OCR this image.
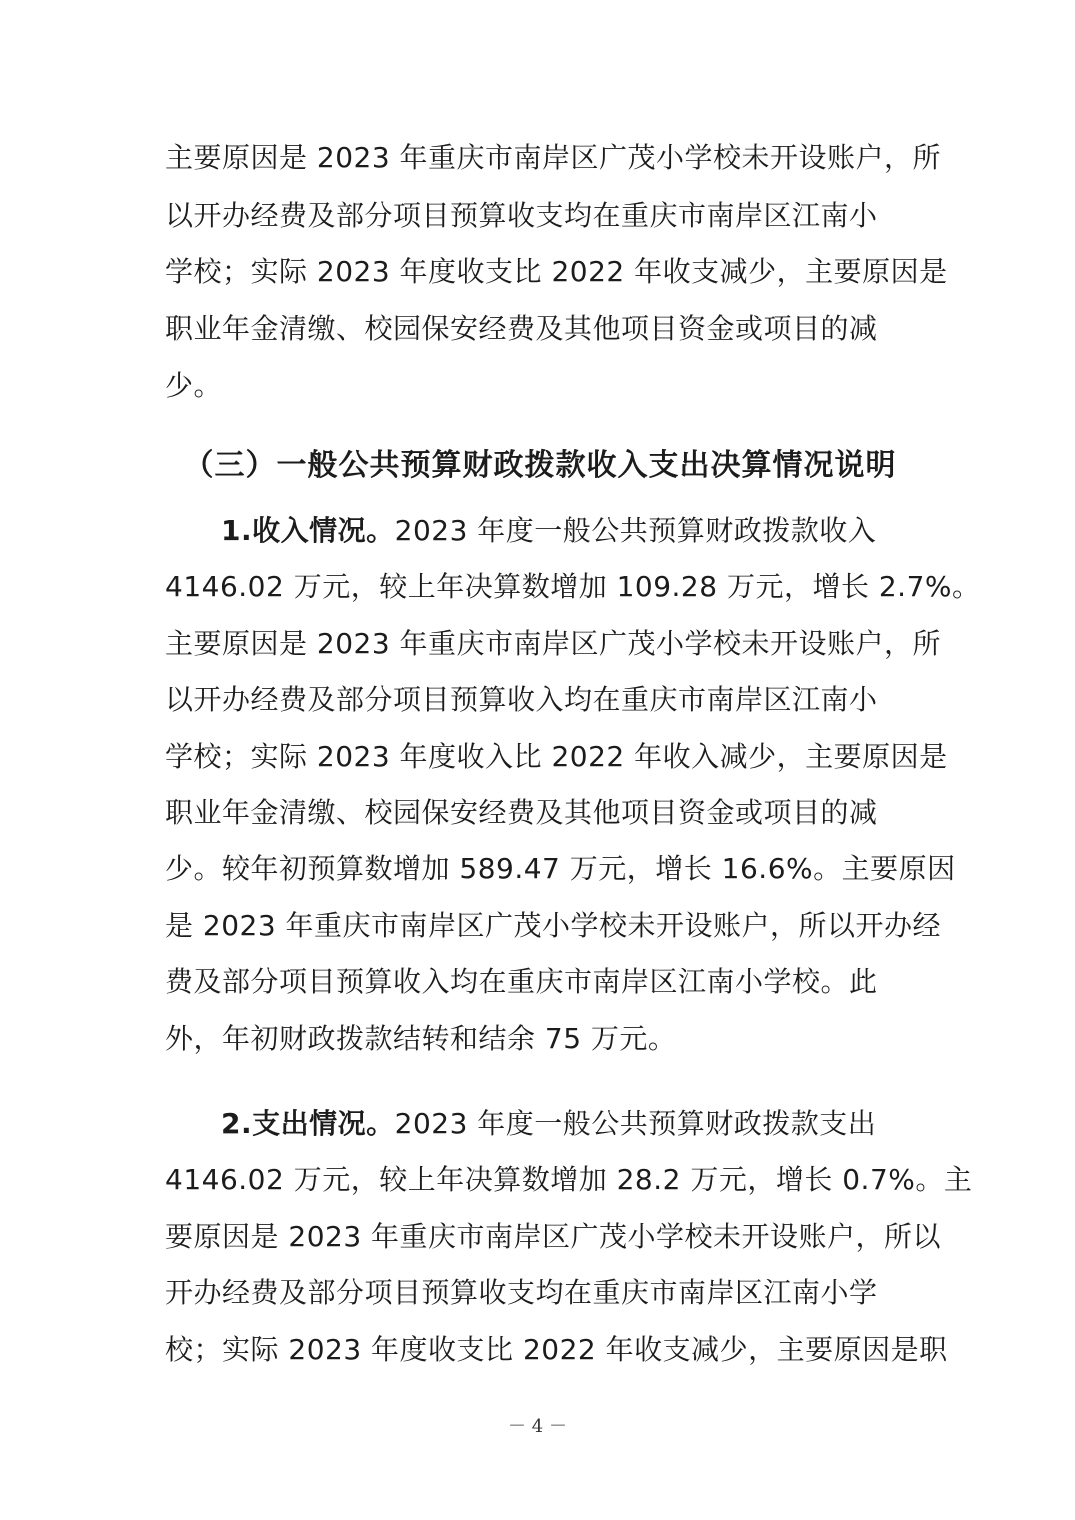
主要原因是 2023 年重庆市南岸区广茂小学校未开设账户，所
以开办经费及部分项目预算收支均在重庆市南岸区江南小
学校；实际 2023 年度收支比 2022 年收支减少，主要原因是
职业年金清缴、校园保安经费及其他项目资金或项目的减
少。
（三）一般公共预算财政拨款收入支出决算情况说明
1.收入情况。2023 年度一般公共预算财政拨款收入
4146.02 万元，较上年决算数增加 109.28 万元，增长 2.7%。
主要原因是 2023 年重庆市南岸区广茂小学校未开设账户，所
以开办经费及部分项目预算收入均在重庆市南岸区江南小
学校；实际 2023 年度收入比 2022 年收入减少，主要原因是
职业年金清缴、校园保安经费及其他项目资金或项目的减
少。较年初预算数增加 589.47 万元，增长 16.6%。主要原因
是 2023 年重庆市南岸区广茂小学校未开设账户，所以开办经
费及部分项目预算收入均在重庆市南岸区江南小学校。此
外，年初财政拨款结转和结余 75 万元。
2.支出情况。2023 年度一般公共预算财政拨款支出
4146.02 万元，较上年决算数增加 28.2 万元，增长 0.7%。主
要原因是 2023 年重庆市南岸区广茂小学校未开设账户，所以
开办经费及部分项目预算收支均在重庆市南岸区江南小学
校；实际 2023 年度收支比 2022 年收支减少，主要原因是职
－ 4 －
